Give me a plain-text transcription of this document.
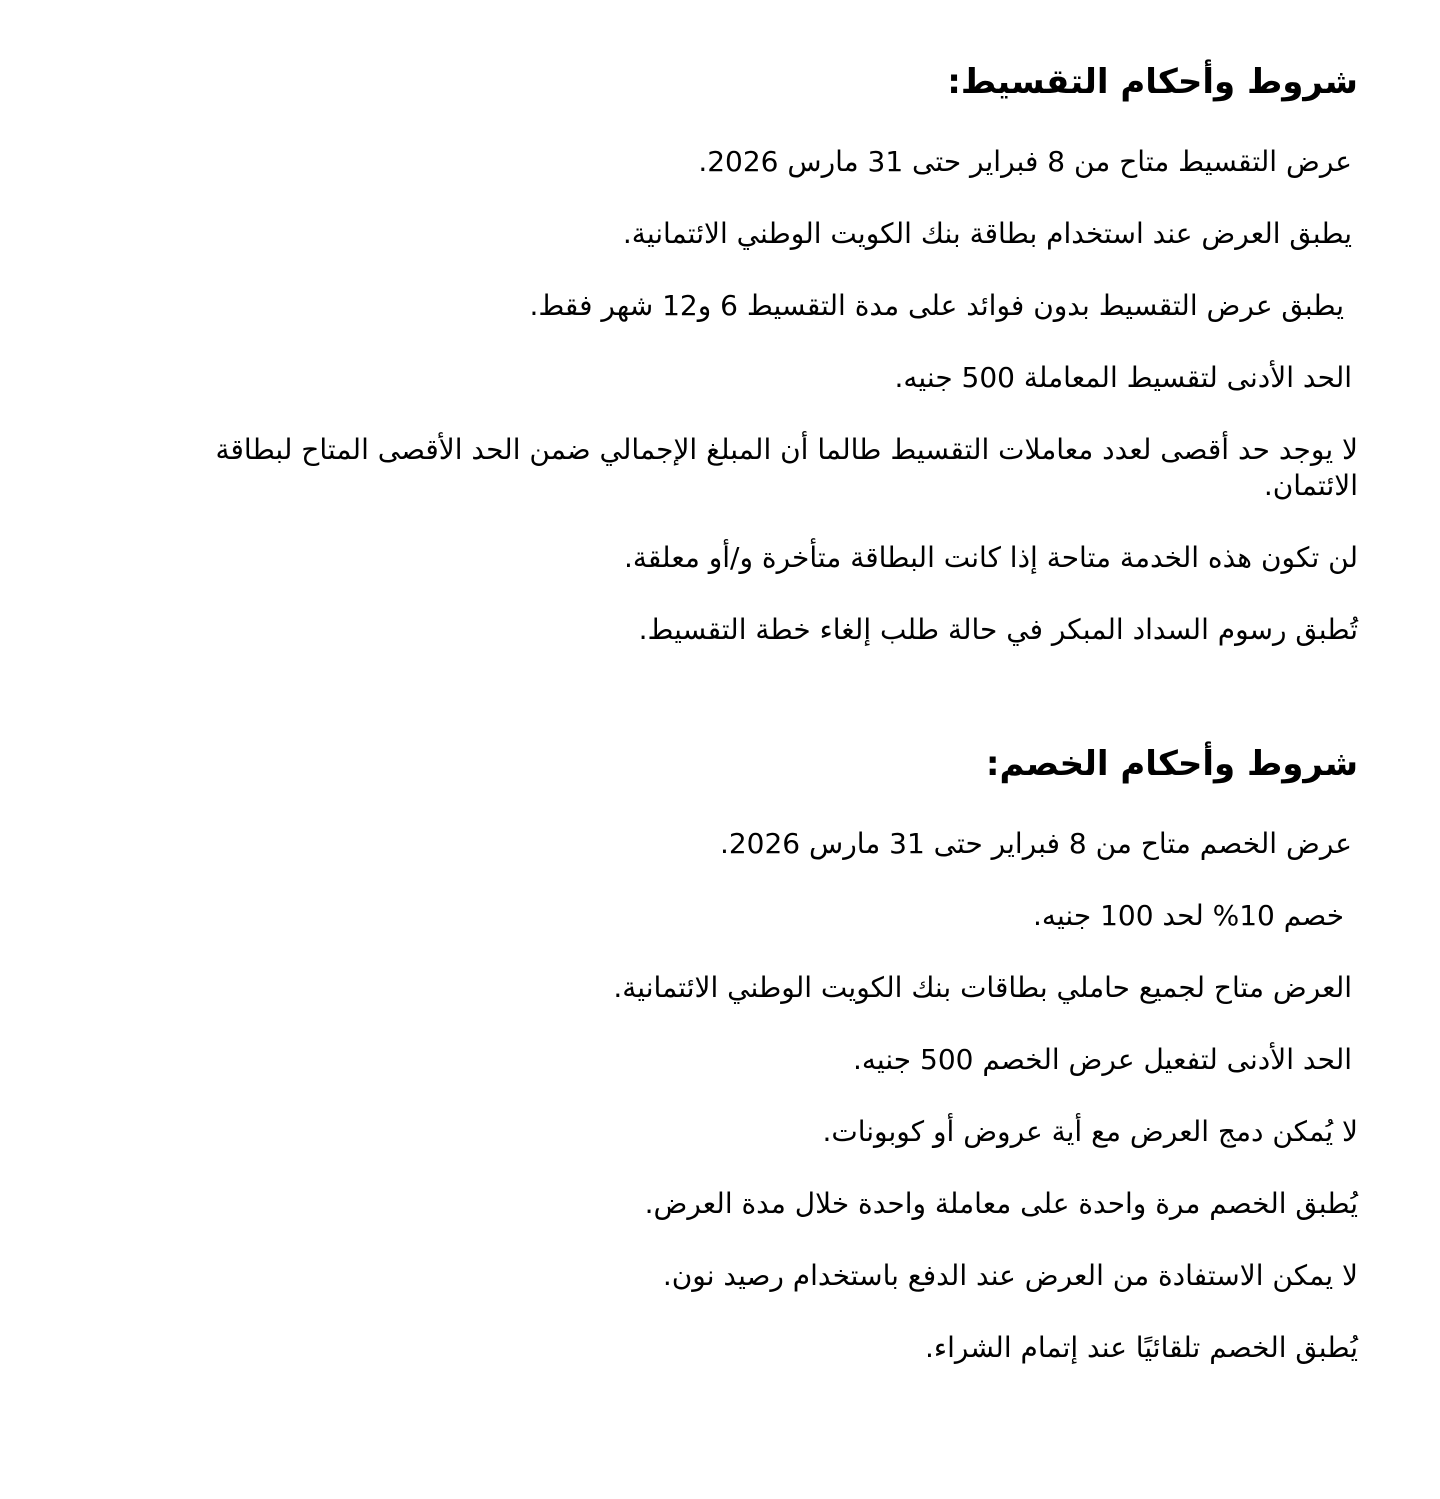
شروط وأحكام التقسيط:
عرض التقسيط متاح من 8 فبراير حتى 31 مارس 2026.
يطبق العرض عند استخدام بطاقة بنك الكويت الوطني الائتمانية.
يطبق عرض التقسيط بدون فوائد على مدة التقسيط 6 و12 شهر فقط.
الحد الأدنى لتقسيط المعاملة 500 جنيه.
لا يوجد حد أقصى لعدد معاملات التقسيط طالما أن المبلغ الإجمالي ضمن الحد الأقصى المتاح لبطاقة الائتمان.
لن تكون هذه الخدمة متاحة إذا كانت البطاقة متأخرة و/أو معلقة.
تُطبق رسوم السداد المبكر في حالة طلب إلغاء خطة التقسيط.
شروط وأحكام الخصم:
عرض الخصم متاح من 8 فبراير حتى 31 مارس 2026.
خصم 10% لحد 100 جنيه.
العرض متاح لجميع حاملي بطاقات بنك الكويت الوطني الائتمانية.
الحد الأدنى لتفعيل عرض الخصم 500 جنيه.
لا يُمكن دمج العرض مع أية عروض أو كوبونات.
يُطبق الخصم مرة واحدة على معاملة واحدة خلال مدة العرض.
لا يمكن الاستفادة من العرض عند الدفع باستخدام رصيد نون.
يُطبق الخصم تلقائيًا عند إتمام الشراء.
